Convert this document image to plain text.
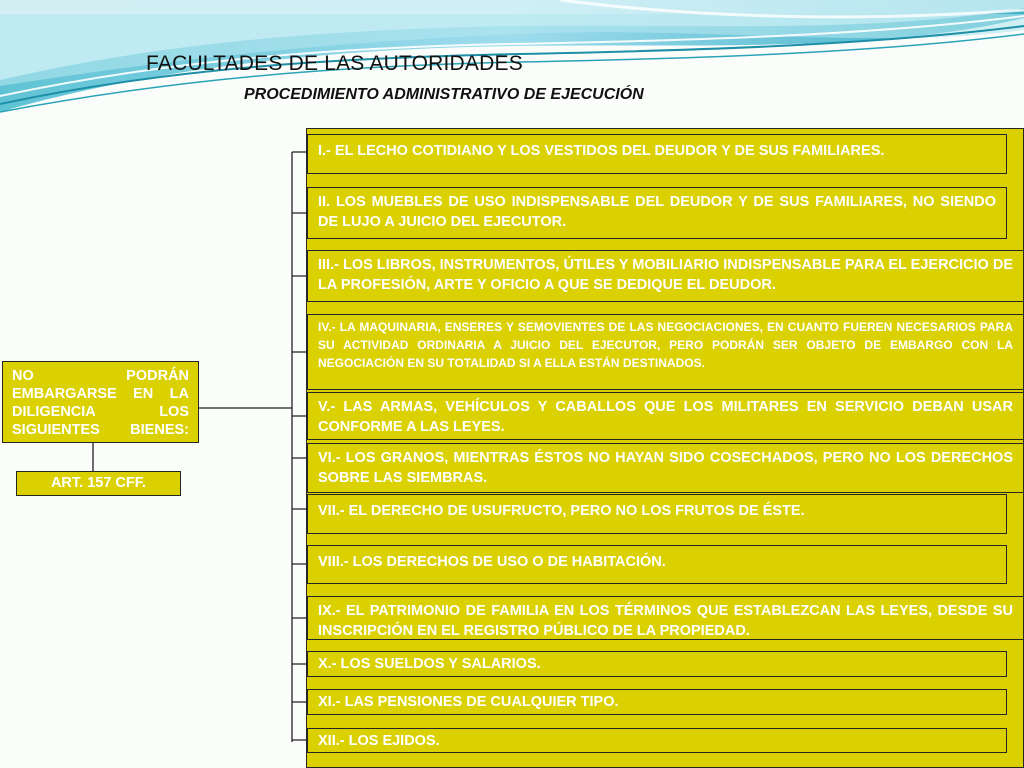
FACULTADES DE LAS AUTORIDADES
PROCEDIMIENTO ADMINISTRATIVO DE EJECUCIÓN
I.- EL LECHO COTIDIANO Y LOS VESTIDOS DEL DEUDOR Y DE SUS FAMILIARES.
II. LOS MUEBLES DE USO INDISPENSABLE DEL DEUDOR Y DE SUS FAMILIARES, NO SIENDO DE LUJO A JUICIO DEL EJECUTOR.
III.- LOS LIBROS, INSTRUMENTOS, ÚTILES Y MOBILIARIO INDISPENSABLE PARA EL EJERCICIO DE LA PROFESIÓN, ARTE Y OFICIO A QUE SE DEDIQUE EL DEUDOR.
IV.- LA MAQUINARIA, ENSERES Y SEMOVIENTES DE LAS NEGOCIACIONES, EN CUANTO FUEREN NECESARIOS PARA SU ACTIVIDAD ORDINARIA A JUICIO DEL EJECUTOR, PERO PODRÁN SER OBJETO DE EMBARGO CON LA NEGOCIACIÓN EN SU TOTALIDAD SI A ELLA ESTÁN DESTINADOS.
V.- LAS ARMAS, VEHÍCULOS Y CABALLOS QUE LOS MILITARES EN SERVICIO DEBAN USAR CONFORME A LAS LEYES.
VI.- LOS GRANOS, MIENTRAS ÉSTOS NO HAYAN SIDO COSECHADOS, PERO NO LOS DERECHOS SOBRE LAS SIEMBRAS.
VII.- EL DERECHO DE USUFRUCTO, PERO NO LOS FRUTOS DE ÉSTE.
VIII.- LOS DERECHOS DE USO O DE HABITACIÓN.
IX.- EL PATRIMONIO DE FAMILIA EN LOS TÉRMINOS QUE ESTABLEZCAN LAS LEYES, DESDE SU INSCRIPCIÓN EN EL REGISTRO PÚBLICO DE LA PROPIEDAD.
X.- LOS SUELDOS Y SALARIOS.
XI.- LAS PENSIONES DE CUALQUIER TIPO.
XII.- LOS EJIDOS.
NO PODRÁN EMBARGARSE EN LA DILIGENCIA LOS SIGUIENTES BIENES:
ART. 157 CFF.
